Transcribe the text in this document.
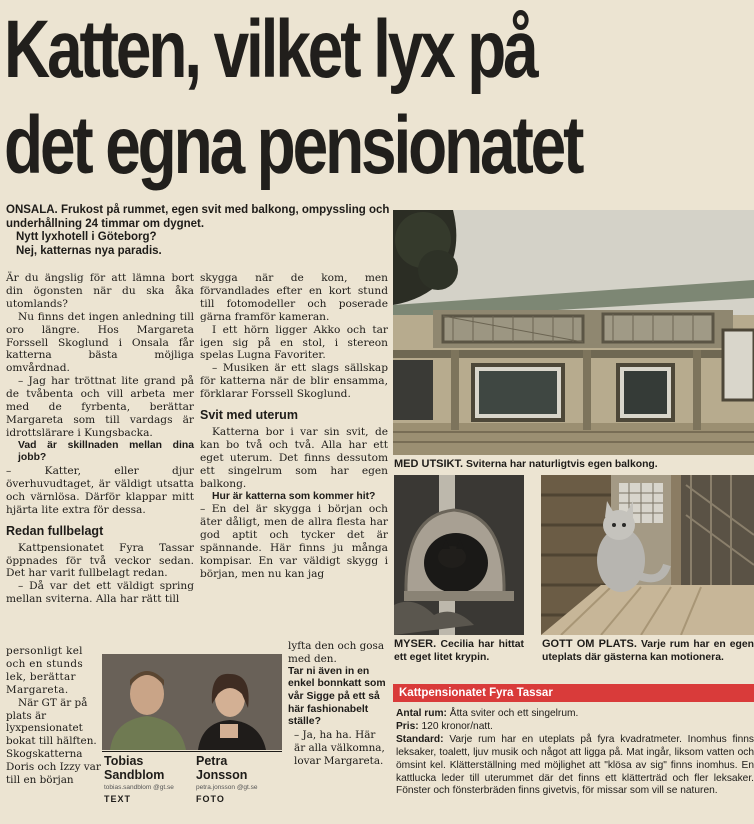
Katten, vilket lyx på
det egna pensionatet
ONSALA. Frukost på rummet, egen svit med balkong, ompyssling och underhållning 24 timmar om dygnet.
Nytt lyxhotell i Göteborg?
Nej, katternas nya paradis.

Är du ängslig för att lämna bort din ögonsten när du ska åka utomlands?

Nu finns det ingen anledning till oro längre. Hos Margareta Forssell Skoglund i Onsala får katterna bästa möjliga omvårdnad.

– Jag har tröttnat lite grand på de tvåbenta och vill arbeta mer med de fyrbenta, berättar Margareta som till vardags är idrottslärare i Kungsbacka.

Vad är skillnaden mellan dina jobb?

– Katter, eller djur överhuvudtaget, är väldigt utsatta och värnlösa. Därför klappar mitt hjärta lite extra för dessa.

Redan fullbelagt

Kattpensionatet Fyra Tassar öppnades för två veckor sedan. Det har varit fullbelagt redan.

– Då var det ett väldigt spring mellan sviterna. Alla har rätt till

personligt kel och en stunds lek, berättar Margareta.

När GT är på plats är lyxpensionatet bokat till hälften. Skogskatterna Doris och Izzy var till en början

skygga när de kom, men förvandlades efter en kort stund till fotomodeller och poserade gärna framför kameran.

I ett hörn ligger Akko och tar igen sig på en stol, i stereon spelas Lugna Favoriter.

– Musiken är ett slags sällskap för katterna när de blir ensamma, förklarar Forssell Skoglund.

Svit med uterum

Katterna bor i var sin svit, de kan bo två och två. Alla har ett eget uterum. Det finns dessutom ett singelrum som har egen balkong.

Hur är katterna som kommer hit?

– En del är skygga i början och äter dåligt, men de allra flesta har god aptit och tycker det är spännande. Här finns ju många kompisar. En var väldigt skygg i början, men nu kan jag

lyfta den och gosa med den.

Tar ni även in en enkel bonnkatt som vår Sigge på ett så här fashionabelt ställe?

– Ja, ha ha. Här är alla välkomna, lovar Margareta.

Tobias
Sandblom
tobias.sandblom @gt.se
TEXT
Petra
Jonsson
petra.jonsson @gt.se
FOTO
MED UTSIKT. Sviterna har naturligtvis egen balkong.
MYSER. Cecilia har hittat ett eget litet krypin.
GOTT OM PLATS. Varje rum har en egen uteplats där gästerna kan motionera.
Kattpensionatet Fyra Tassar
Antal rum: Åtta sviter och ett singelrum.
Pris: 120 kronor/natt.
Standard: Varje rum har en uteplats på fyra kvadratmeter. Inomhus finns leksaker, toalett, ljuv musik och något att ligga på. Mat ingår, liksom vatten och ömsint kel. Klätterställning med möjlighet att "klösa av sig" finns inomhus. En kattlucka leder till uterummet där det finns ett klätterträd och fler leksaker. Fönster och fönsterbräden finns givetvis, för missar som vill se naturen.
